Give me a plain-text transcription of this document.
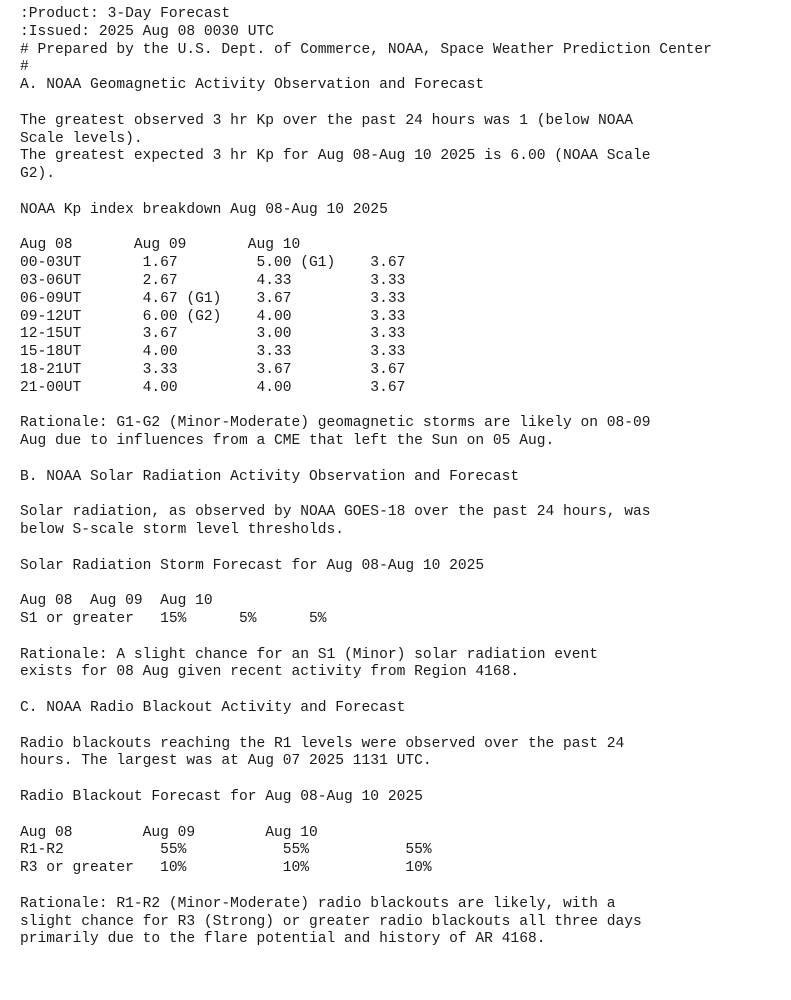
:Product: 3-Day Forecast
:Issued: 2025 Aug 08 0030 UTC
# Prepared by the U.S. Dept. of Commerce, NOAA, Space Weather Prediction Center
#
A. NOAA Geomagnetic Activity Observation and Forecast

The greatest observed 3 hr Kp over the past 24 hours was 1 (below NOAA
Scale levels).
The greatest expected 3 hr Kp for Aug 08-Aug 10 2025 is 6.00 (NOAA Scale
G2).

NOAA Kp index breakdown Aug 08-Aug 10 2025

Aug 08       Aug 09       Aug 10
00-03UT       1.67         5.00 (G1)    3.67
03-06UT       2.67         4.33         3.33
06-09UT       4.67 (G1)    3.67         3.33
09-12UT       6.00 (G2)    4.00         3.33
12-15UT       3.67         3.00         3.33
15-18UT       4.00         3.33         3.33
18-21UT       3.33         3.67         3.67
21-00UT       4.00         4.00         3.67

Rationale: G1-G2 (Minor-Moderate) geomagnetic storms are likely on 08-09
Aug due to influences from a CME that left the Sun on 05 Aug.

B. NOAA Solar Radiation Activity Observation and Forecast

Solar radiation, as observed by NOAA GOES-18 over the past 24 hours, was
below S-scale storm level thresholds.

Solar Radiation Storm Forecast for Aug 08-Aug 10 2025

Aug 08  Aug 09  Aug 10
S1 or greater   15%      5%      5%

Rationale: A slight chance for an S1 (Minor) solar radiation event
exists for 08 Aug given recent activity from Region 4168.

C. NOAA Radio Blackout Activity and Forecast

Radio blackouts reaching the R1 levels were observed over the past 24
hours. The largest was at Aug 07 2025 1131 UTC.

Radio Blackout Forecast for Aug 08-Aug 10 2025

Aug 08        Aug 09        Aug 10
R1-R2           55%           55%           55%
R3 or greater   10%           10%           10%

Rationale: R1-R2 (Minor-Moderate) radio blackouts are likely, with a
slight chance for R3 (Strong) or greater radio blackouts all three days
primarily due to the flare potential and history of AR 4168.
